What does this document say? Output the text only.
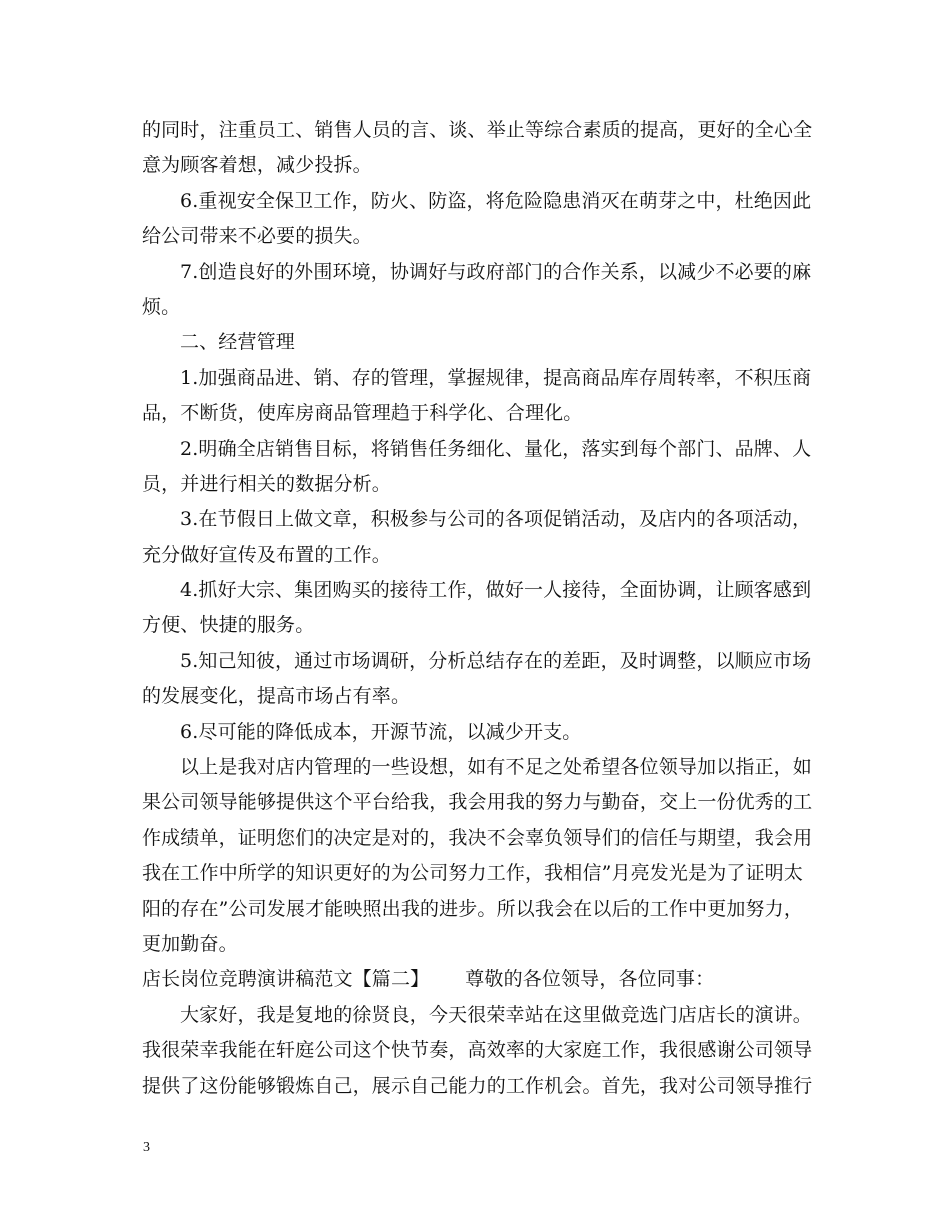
的同时，注重员工、销售人员的言、谈、举止等综合素质的提高，更好的全心全
意为顾客着想，减少投拆。
6.重视安全保卫工作，防火、防盗，将危险隐患消灭在萌芽之中，杜绝因此
给公司带来不必要的损失。
7.创造良好的外围环境，协调好与政府部门的合作关系，以减少不必要的麻
烦。
二、经营管理
1.加强商品进、销、存的管理，掌握规律，提高商品库存周转率，不积压商
品，不断货，使库房商品管理趋于科学化、合理化。
2.明确全店销售目标，将销售任务细化、量化，落实到每个部门、品牌、人
员，并进行相关的数据分析。
3.在节假日上做文章，积极参与公司的各项促销活动，及店内的各项活动，
充分做好宣传及布置的工作。
4.抓好大宗、集团购买的接待工作，做好一人接待，全面协调，让顾客感到
方便、快捷的服务。
5.知己知彼，通过市场调研，分析总结存在的差距，及时调整，以顺应市场
的发展变化，提高市场占有率。
6.尽可能的降低成本，开源节流，以减少开支。
以上是我对店内管理的一些设想，如有不足之处希望各位领导加以指正，如
果公司领导能够提供这个平台给我，我会用我的努力与勤奋，交上一份优秀的工
作成绩单，证明您们的决定是对的，我决不会辜负领导们的信任与期望，我会用
我在工作中所学的知识更好的为公司努力工作，我相信”月亮发光是为了证明太
阳的存在”公司发展才能映照出我的进步。所以我会在以后的工作中更加努力，
更加勤奋。
店长岗位竞聘演讲稿范文【篇二】 尊敬的各位领导，各位同事：
大家好，我是复地的徐贤良，今天很荣幸站在这里做竞选门店店长的演讲。
我很荣幸我能在轩庭公司这个快节奏，高效率的大家庭工作，我很感谢公司领导
提供了这份能够锻炼自己，展示自己能力的工作机会。首先，我对公司领导推行
3
